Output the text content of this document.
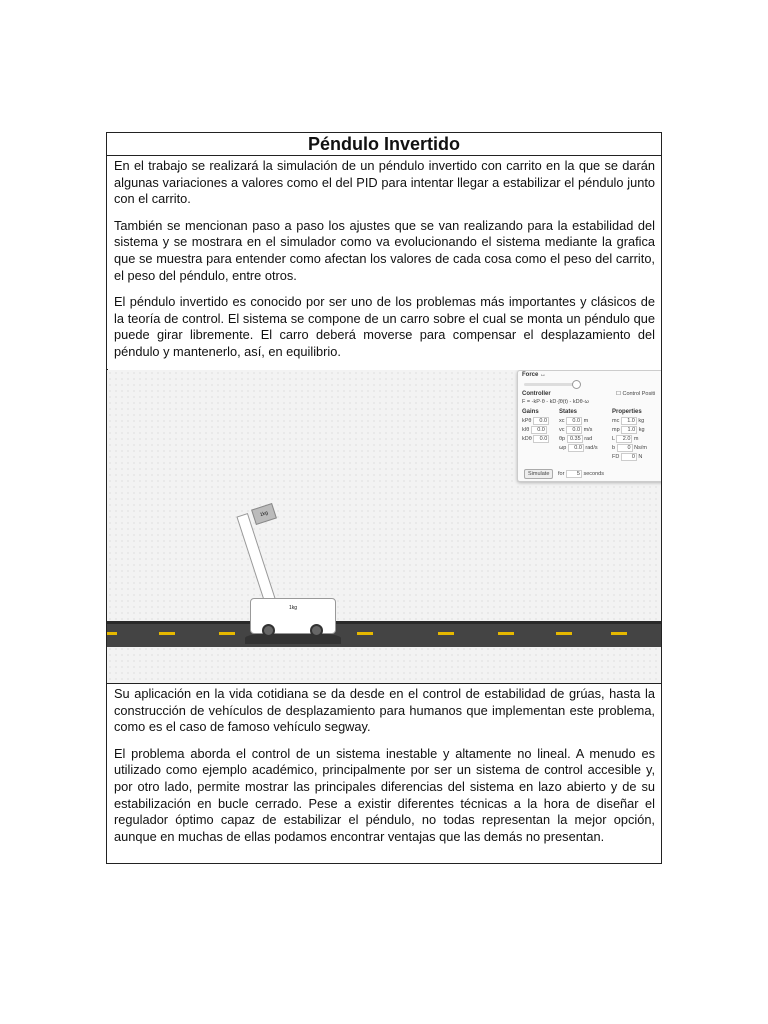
Péndulo Invertido

En el trabajo se realizará la simulación de un péndulo invertido con carrito en la que se darán algunas variaciones a valores como el del PID para intentar llegar a estabilizar el péndulo junto con el carrito.

También se mencionan paso a paso los ajustes que se van realizando para la estabilidad del sistema y se mostrara en el simulador como va evolucionando el sistema mediante la grafica que se muestra para entender como afectan los valores de cada cosa como el peso del carrito, el peso del péndulo, entre otros.

El péndulo invertido es conocido por ser uno de los problemas más importantes y clásicos de la teoría de control. El sistema se compone de un carro sobre el cual se monta un péndulo que puede girar libremente. El carro deberá moverse para compensar el desplazamiento del péndulo y mantenerlo, así, en equilibrio.

Force ↔
Controller	☐ Control Positi
F = -kP·θ - kD·∫θ(t) - kDθ·ω
Gains	States	Properties
kPθ 0.0
kIθ 0.0
kDθ 0.0
xc 0.0 m
vc 0.0 m/s
θp 0.35 rad
ωp 0.0 rad/s
mc 1.0 kg
mp 1.0 kg
L 2.0 m
b 0 Ns/m
FD 0 N
Simulate	for 5 seconds
1kg
1kg

Su aplicación en la vida cotidiana se da desde en el control de estabilidad de grúas, hasta la construcción de vehículos de desplazamiento para humanos que implementan este problema, como es el caso de famoso vehículo segway.

El problema aborda el control de un sistema inestable y altamente no lineal. A menudo es utilizado como ejemplo académico, principalmente por ser un sistema de control accesible y, por otro lado, permite mostrar las principales diferencias del sistema en lazo abierto y de su estabilización en bucle cerrado. Pese a existir diferentes técnicas a la hora de diseñar el regulador óptimo capaz de estabilizar el péndulo, no todas representan la mejor opción, aunque en muchas de ellas podamos encontrar ventajas que las demás no presentan.
